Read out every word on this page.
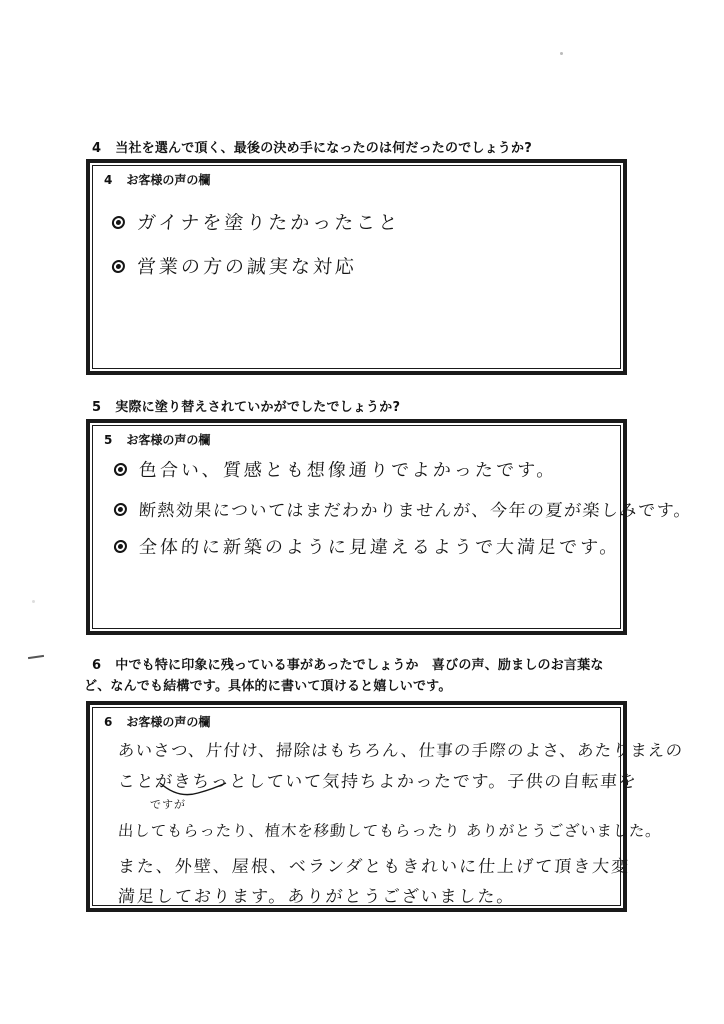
4 当社を選んで頂く、最後の決め手になったのは何だったのでしょうか?
4 お客様の声の欄
ガイナを塗りたかったこと
営業の方の誠実な対応
5 実際に塗り替えされていかがでしたでしょうか?
5 お客様の声の欄
色合い、質感とも想像通りでよかったです。
断熱効果についてはまだわかりませんが、今年の夏が楽しみです。
全体的に新築のように見違えるようで大満足です。
6 中でも特に印象に残っている事があったでしょうか　喜びの声、励ましのお言葉な
ど、なんでも結構です。具体的に書いて頂けると嬉しいです。
6 お客様の声の欄
あいさつ、片付け、掃除はもちろん、仕事の手際のよさ、あたりまえの
ことがきちっとしていて気持ちよかったです。子供の自転車を
ですが
出してもらったり、植木を移動してもらったり ありがとうございました。
また、外壁、屋根、ベランダともきれいに仕上げて頂き大変
満足しております。ありがとうございました。
